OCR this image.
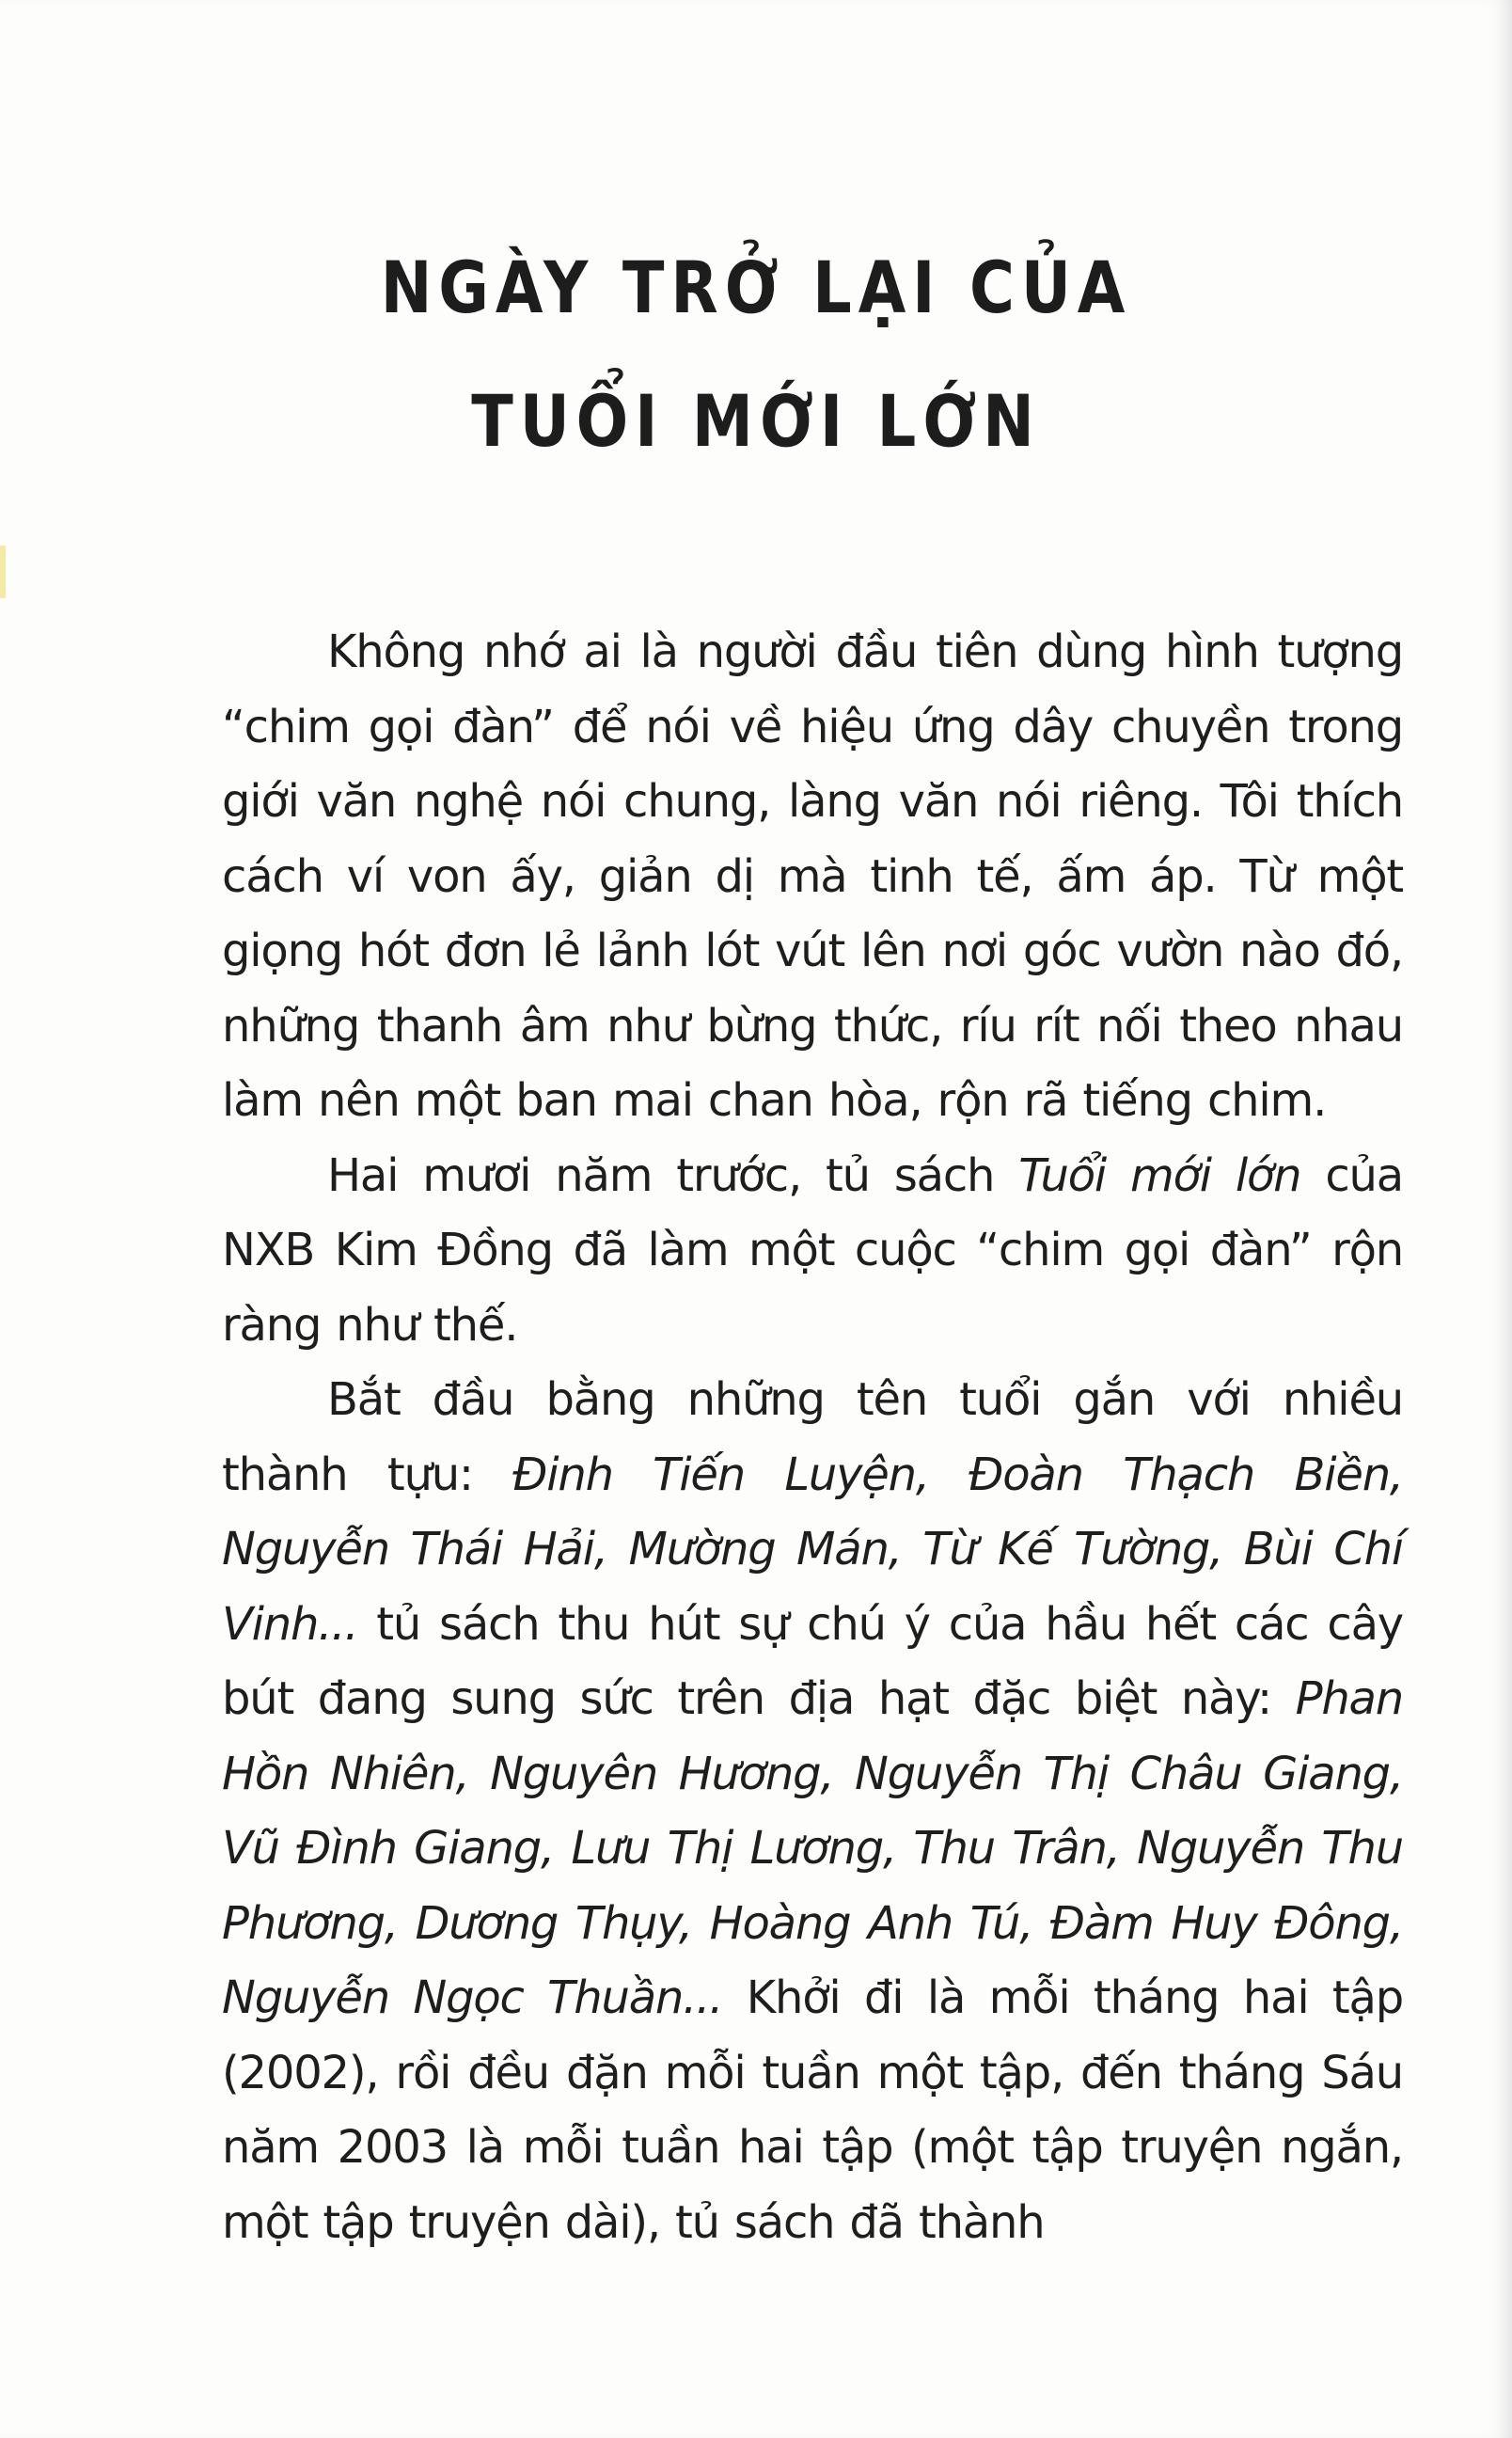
NGÀY TRỞ LẠI CỦA
TUỔI MỚI LỚN

Không nhớ ai là người đầu tiên dùng hình tượng “chim gọi đàn” để nói về hiệu ứng dây chuyền trong giới văn nghệ nói chung, làng văn nói riêng. Tôi thích cách ví von ấy, giản dị mà tinh tế, ấm áp. Từ một giọng hót đơn lẻ lảnh lót vút lên nơi góc vườn nào đó, những thanh âm như bừng thức, ríu rít nối theo nhau làm nên một ban mai chan hòa, rộn rã tiếng chim.

Hai mươi năm trước, tủ sách Tuổi mới lớn của NXB Kim Đồng đã làm một cuộc “chim gọi đàn” rộn ràng như thế.

Bắt đầu bằng những tên tuổi gắn với nhiều thành tựu: Đinh Tiến Luyện, Đoàn Thạch Biền, Nguyễn Thái Hải, Mường Mán, Từ Kế Tường, Bùi Chí Vinh... tủ sách thu hút sự chú ý của hầu hết các cây bút đang sung sức trên địa hạt đặc biệt này: Phan Hồn Nhiên, Nguyên Hương, Nguyễn Thị Châu Giang, Vũ Đình Giang, Lưu Thị Lương, Thu Trân, Nguyễn Thu Phương, Dương Thụy, Hoàng Anh Tú, Đàm Huy Đông, Nguyễn Ngọc Thuần... Khởi đi là mỗi tháng hai tập (2002), rồi đều đặn mỗi tuần một tập, đến tháng Sáu năm 2003 là mỗi tuần hai tập (một tập truyện ngắn, một tập truyện dài), tủ sách đã thành
